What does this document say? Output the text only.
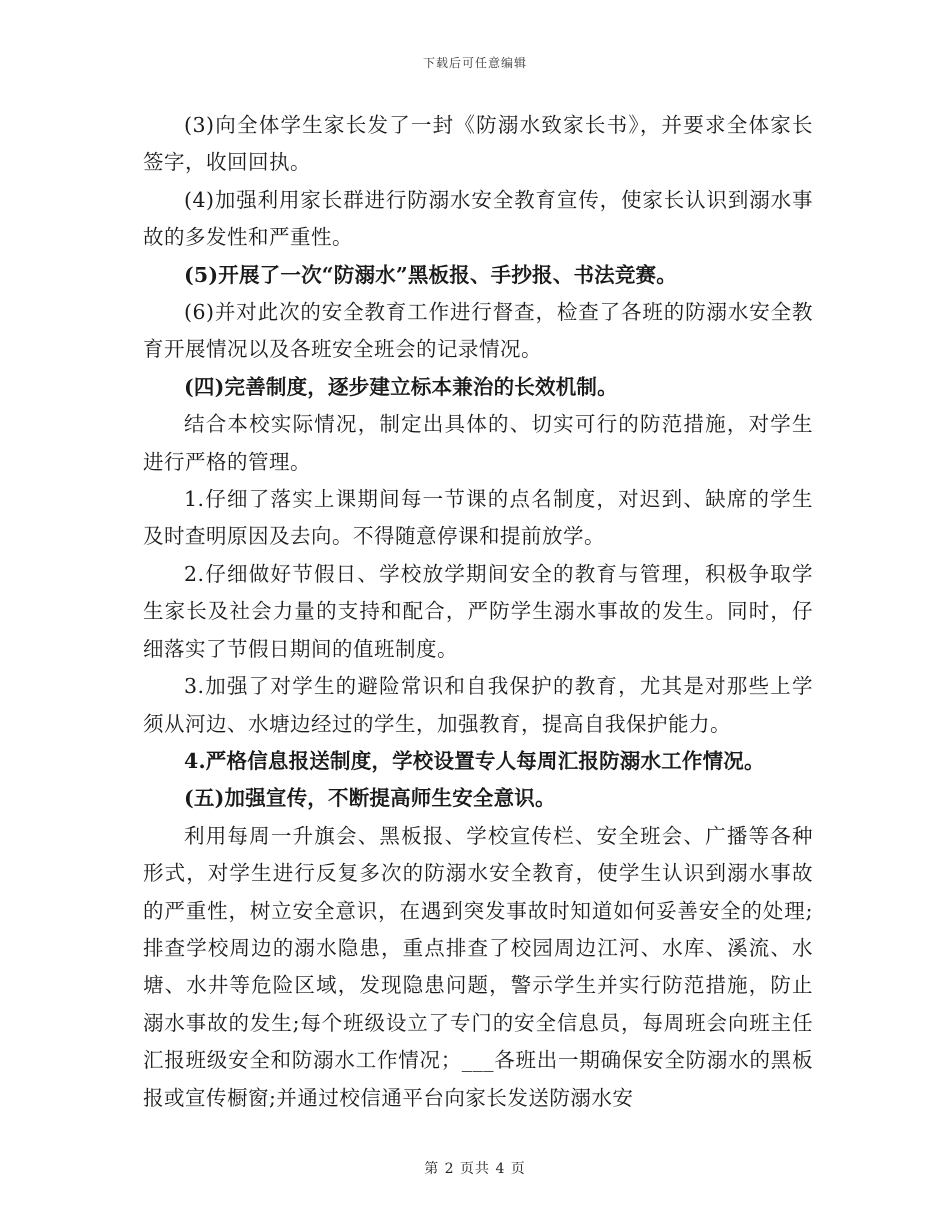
下载后可任意编辑

(3)向全体学生家长发了一封《防溺水致家长书》，并要求全体家长签字，收回回执。

(4)加强利用家长群进行防溺水安全教育宣传，使家长认识到溺水事故的多发性和严重性。

(5)开展了一次“防溺水”黑板报、手抄报、书法竞赛。

(6)并对此次的安全教育工作进行督查，检查了各班的防溺水安全教育开展情况以及各班安全班会的记录情况。

(四)完善制度，逐步建立标本兼治的长效机制。

结合本校实际情况，制定出具体的、切实可行的防范措施，对学生进行严格的管理。

1.仔细了落实上课期间每一节课的点名制度，对迟到、缺席的学生及时查明原因及去向。不得随意停课和提前放学。

2.仔细做好节假日、学校放学期间安全的教育与管理，积极争取学生家长及社会力量的支持和配合，严防学生溺水事故的发生。同时，仔细落实了节假日期间的值班制度。

3.加强了对学生的避险常识和自我保护的教育，尤其是对那些上学须从河边、水塘边经过的学生，加强教育，提高自我保护能力。

4.严格信息报送制度，学校设置专人每周汇报防溺水工作情况。

(五)加强宣传，不断提高师生安全意识。

利用每周一升旗会、黑板报、学校宣传栏、安全班会、广播等各种形式，对学生进行反复多次的防溺水安全教育，使学生认识到溺水事故的严重性，树立安全意识，在遇到突发事故时知道如何妥善安全的处理;排查学校周边的溺水隐患，重点排查了校园周边江河、水库、溪流、水塘、水井等危险区域，发现隐患问题，警示学生并实行防范措施，防止溺水事故的发生;每个班级设立了专门的安全信息员，每周班会向班主任汇报班级安全和防溺水工作情况；___各班出一期确保安全防溺水的黑板报或宣传橱窗;并通过校信通平台向家长发送防溺水安

第 2 页共 4 页
